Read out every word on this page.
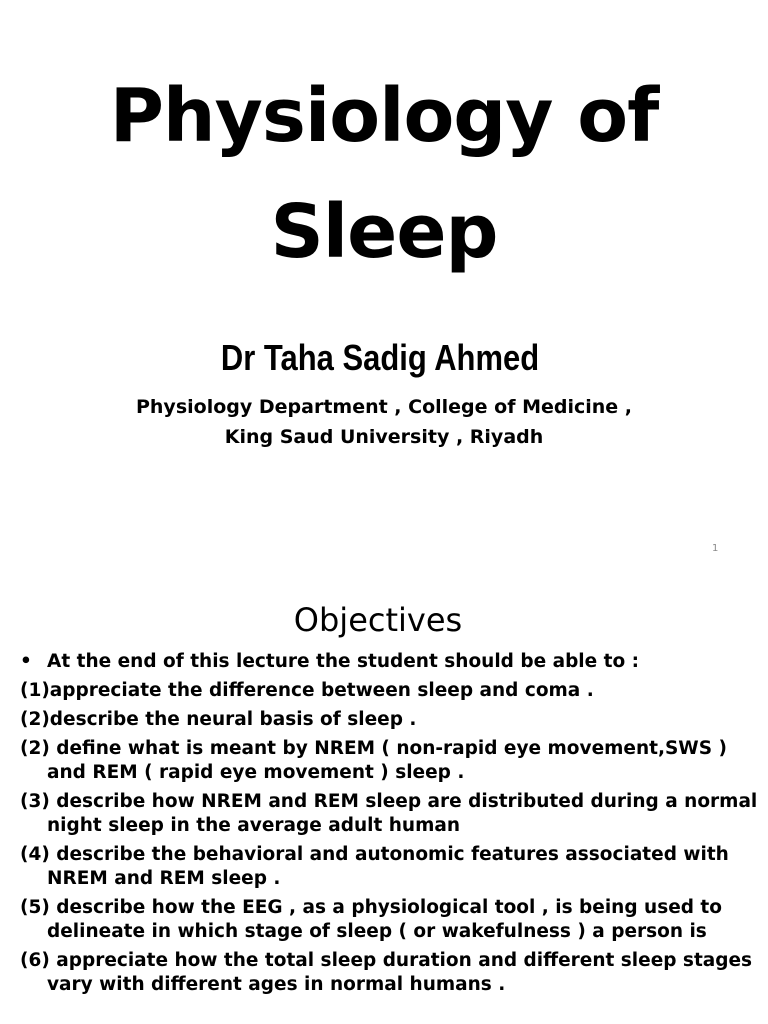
Physiology of
Sleep
Dr Taha Sadig Ahmed
Physiology Department , College of Medicine ,
King Saud University , Riyadh
1
Objectives
• At the end of this lecture the student should be able to :
(1)appreciate the difference between sleep and coma .
(2)describe the neural basis of sleep .
(2) define what is meant by NREM ( non-rapid eye movement,SWS ) and REM ( rapid eye movement ) sleep .
(3) describe how NREM and REM sleep are distributed during a normal night sleep in the average adult human
(4) describe the behavioral and autonomic features associated with NREM and REM sleep .
(5) describe how the EEG , as a physiological tool , is being used to delineate in which stage of sleep ( or wakefulness ) a person is
(6) appreciate how the total sleep duration and different sleep stages vary with different ages in normal humans .
